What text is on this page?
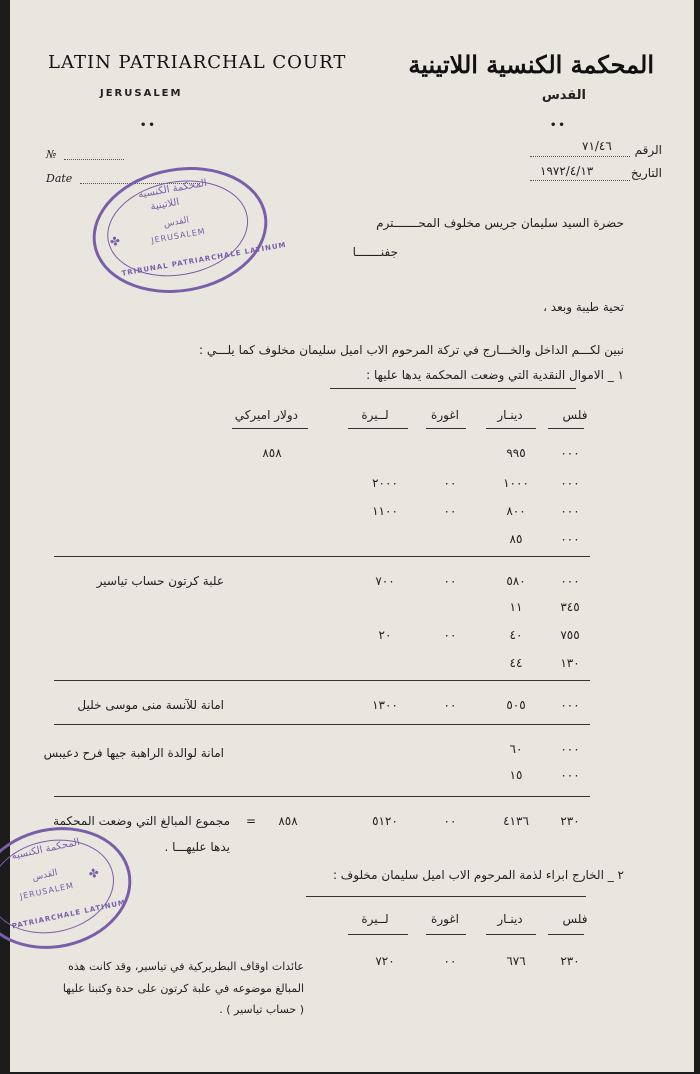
LATIN PATRIARCHAL COURT
JERUSALEM
••
المحكمة الكنسية اللاتينية
القدس
••
№
Date
الرقم
٧١/٤٦
التاريخ
١٩٧٢/٤/١٣
المحكمة الكنسية
اللاتينية
القدس
JERUSALEM
TRIBUNAL PATRIARCHALE LATINUM
✤
حضرة السيد سليمان جريس مخلوف المحـــــــترم
جفنـــــــا
تحية طيبة وبعد ،
نبين لكـــم الداخل والخـــارج في تركة المرحوم الاب اميل سليمان مخلوف كما يلـــي :
١ _ الاموال النقدية التي وضعت المحكمة يدها عليها :
فلس
دينـار
اغورة
لــيرة
دولار اميركي
٠٠٠
٩٩٥
٨٥٨
٠٠٠
١٠٠٠
٠٠
٢٠٠٠
٠٠٠
٨٠٠
٠٠
١١٠٠
٠٠٠
٨٥
٠٠٠
٥٨٠
٠٠
٧٠٠
علبة كرتون حساب تياسير
٣٤٥
١١
٧٥٥
٤٠
٠٠
٢٠
١٣٠
٤٤
٠٠٠
٥٠٥
٠٠
١٣٠٠
امانة للآنسة منى موسى خليل
٠٠٠
٦٠
امانة لوالدة الراهبة جيها فرح دعيبس
٠٠٠
١٥
٢٣٠
٤١٣٦
٠٠
٥١٢٠
٨٥٨
=
مجموع المبالغ التي وضعت المحكمة
يدها عليهـــا .
المحكمة الكنسية
القدس
JERUSALEM
PATRIARCHALE LATINUM
✤	٢ _ الخارج ابراء لذمة المرحوم الاب اميل سليمان مخلوف :
فلس
دينـار
اغورة
لــيرة
٢٣٠
٦٧٦
٠٠
٧٢٠
عائدات اوقاف البطريركية في تياسير، وقد كانت هذه
المبالغ موضوعه في علبة كرتون على حدة وكتبنا عليها
( حساب تياسير ) .
